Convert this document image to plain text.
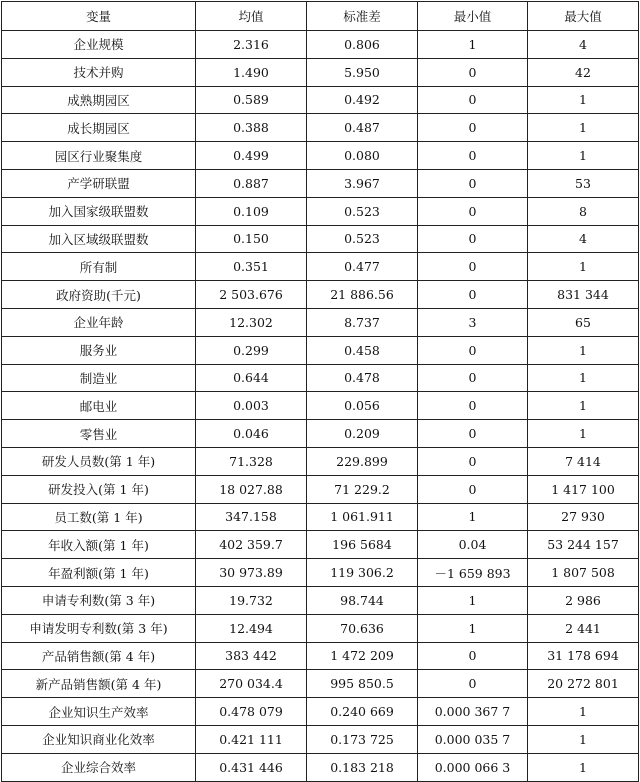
变量	均值	标准差	最小值	最大值
企业规模	2.316	0.806	1	4
技术并购	1.490	5.950	0	42
成熟期园区	0.589	0.492	0	1
成长期园区	0.388	0.487	0	1
园区行业聚集度	0.499	0.080	0	1
产学研联盟	0.887	3.967	0	53
加入国家级联盟数	0.109	0.523	0	8
加入区域级联盟数	0.150	0.523	0	4
所有制	0.351	0.477	0	1
政府资助(千元)	2 503.676	21 886.56	0	831 344
企业年龄	12.302	8.737	3	65
服务业	0.299	0.458	0	1
制造业	0.644	0.478	0	1
邮电业	0.003	0.056	0	1
零售业	0.046	0.209	0	1
研发人员数(第 1 年)	71.328	229.899	0	7 414
研发投入(第 1 年)	18 027.88	71 229.2	0	1 417 100
员工数(第 1 年)	347.158	1 061.911	1	27 930
年收入额(第 1 年)	402 359.7	196 5684	0.04	53 244 157
年盈利额(第 1 年)	30 973.89	119 306.2	－1 659 893	1 807 508
申请专利数(第 3 年)	19.732	98.744	1	2 986
申请发明专利数(第 3 年)	12.494	70.636	1	2 441
产品销售额(第 4 年)	383 442	1 472 209	0	31 178 694
新产品销售额(第 4 年)	270 034.4	995 850.5	0	20 272 801
企业知识生产效率	0.478 079	0.240 669	0.000 367 7	1
企业知识商业化效率	0.421 111	0.173 725	0.000 035 7	1
企业综合效率	0.431 446	0.183 218	0.000 066 3	1
